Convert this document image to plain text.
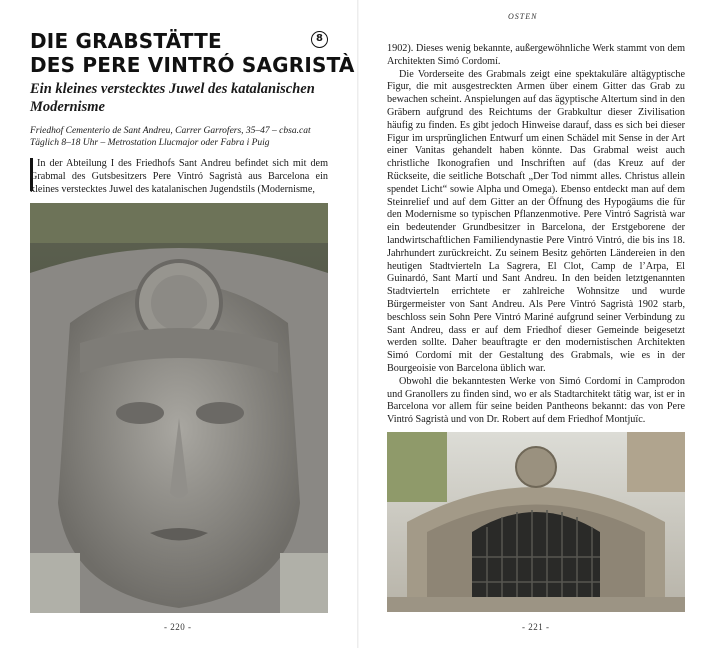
DIE GRABSTÄTTE
DES PERE VINTRÓ SAGRISTÀ
8
Ein kleines verstecktes Juwel des katalanischen Modernisme
Friedhof Cementerio de Sant Andreu, Carrer Garrofers, 35–47 – cbsa.cat
Täglich 8–18 Uhr – Metrostation Llucmajor oder Fabra i Puig

In der Abteilung I des Friedhofs Sant Andreu befindet sich mit dem Grabmal des Gutsbesitzers Pere Vintró Sagristà aus Barcelona ein kleines verstecktes Juwel des katalanischen Jugendstils (Modernisme,

- 220 -
OSTEN

1902). Dieses wenig bekannte, außergewöhnliche Werk stammt von dem Architekten Simó Cordomí.

Die Vorderseite des Grabmals zeigt eine spektakuläre altägyptische Figur, die mit ausgestreckten Armen über einem Gitter das Grab zu bewachen scheint. Anspielungen auf das ägyptische Altertum sind in den Gräbern aufgrund des Reichtums der Grabkultur dieser Zivilisation häufig zu finden. Es gibt jedoch Hinweise darauf, dass es sich bei dieser Figur im ursprünglichen Entwurf um einen Schädel mit Sense in der Art einer Vanitas gehandelt haben könnte. Das Grabmal weist auch christliche Ikonografien und Inschriften auf (das Kreuz auf der Rückseite, die seitliche Botschaft „Der Tod nimmt alles. Christus allein spendet Licht“ sowie Alpha und Omega). Ebenso entdeckt man auf dem Steinrelief und auf dem Gitter an der Öffnung des Hypogäums die für den Modernisme so typischen Pflanzenmotive. Pere Vintró Sagristà war ein bedeutender Grundbesitzer in Barcelona, der Erstgeborene der landwirtschaftlichen Familiendynastie Pere Vintró Vintró, die bis ins 18. Jahrhundert zurückreicht. Zu seinem Besitz gehörten Ländereien in den heutigen Stadtvierteln La Sagrera, El Clot, Camp de l’Arpa, El Guinardó, Sant Martí und Sant Andreu. In den beiden letztgenannten Stadtvierteln errichtete er zahlreiche Wohnsitze und wurde Bürgermeister von Sant Andreu. Als Pere Vintró Sagristà 1902 starb, beschloss sein Sohn Pere Vintró Mariné aufgrund seiner Verbindung zu Sant Andreu, dass er auf dem Friedhof dieser Gemeinde beigesetzt werden sollte. Daher beauftragte er den modernistischen Architekten Simó Cordomí mit der Gestaltung des Grabmals, wie es in der Bourgeoisie von Barcelona üblich war.

Obwohl die bekanntesten Werke von Simó Cordomí in Camprodon und Granollers zu finden sind, wo er als Stadtarchitekt tätig war, ist er in Barcelona vor allem für seine beiden Pantheons bekannt: das von Pere Vintró Sagristà und von Dr. Robert auf dem Friedhof Montjuïc.

- 221 -
